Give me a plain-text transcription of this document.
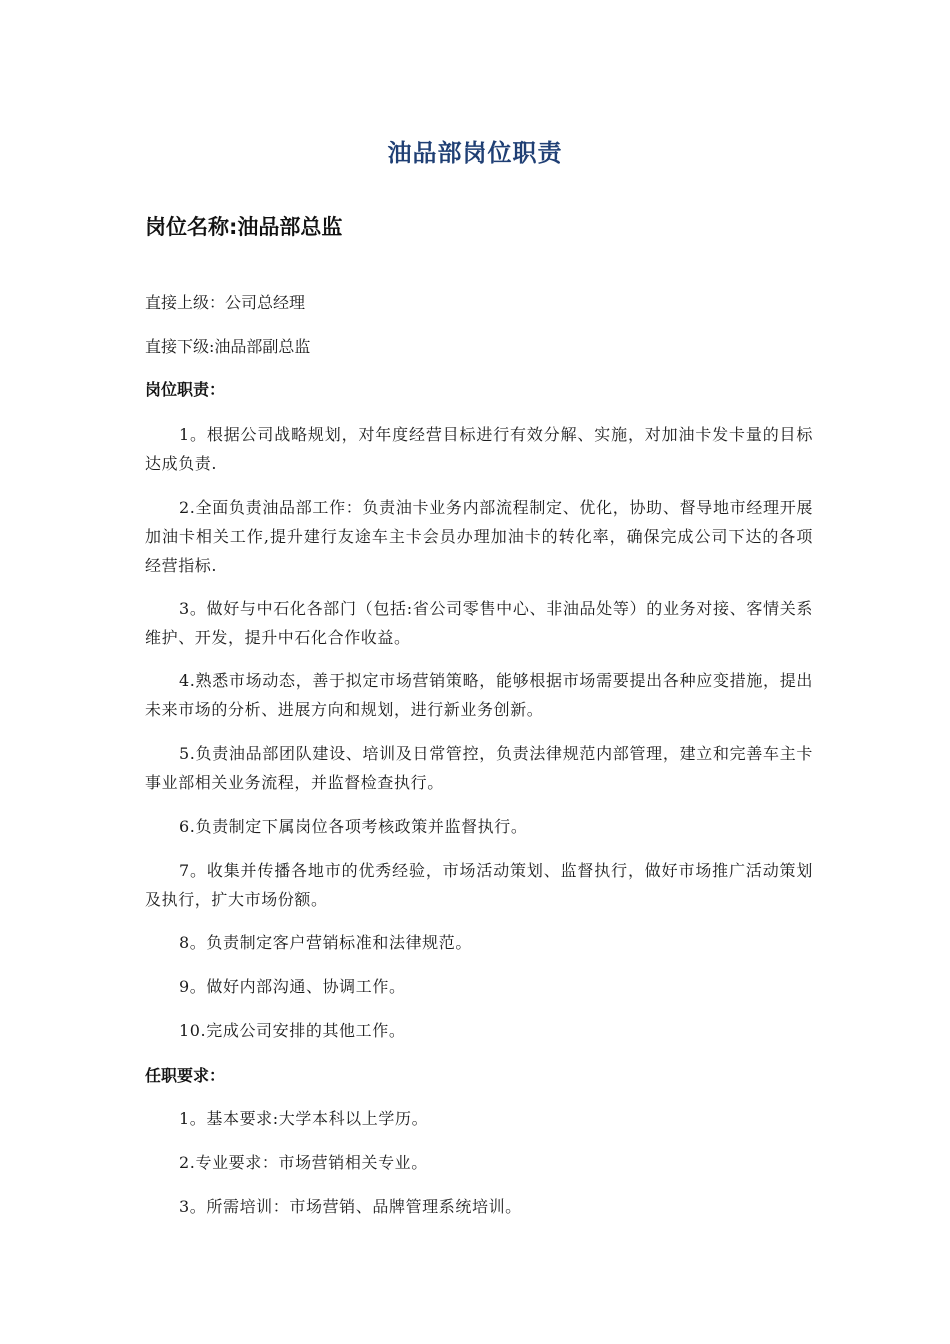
油品部岗位职责
岗位名称:油品部总监

直接上级：公司总经理

直接下级:油品部副总监

岗位职责：

1。根据公司战略规划，对年度经营目标进行有效分解、实施，对加油卡发卡量的目标达成负责.

2.全面负责油品部工作：负责油卡业务内部流程制定、优化，协助、督导地市经理开展加油卡相关工作,提升建行友途车主卡会员办理加油卡的转化率，确保完成公司下达的各项经营指标.

3。做好与中石化各部门（包括:省公司零售中心、非油品处等）的业务对接、客情关系维护、开发，提升中石化合作收益。

4.熟悉市场动态，善于拟定市场营销策略，能够根据市场需要提出各种应变措施，提出未来市场的分析、进展方向和规划，进行新业务创新。

5.负责油品部团队建设、培训及日常管控，负责法律规范内部管理，建立和完善车主卡事业部相关业务流程，并监督检查执行。

6.负责制定下属岗位各项考核政策并监督执行。

7。收集并传播各地市的优秀经验，市场活动策划、监督执行，做好市场推广活动策划及执行，扩大市场份额。

8。负责制定客户营销标准和法律规范。

9。做好内部沟通、协调工作。

10.完成公司安排的其他工作。

任职要求：

1。基本要求:大学本科以上学历。

2.专业要求：市场营销相关专业。

3。所需培训：市场营销、品牌管理系统培训。
